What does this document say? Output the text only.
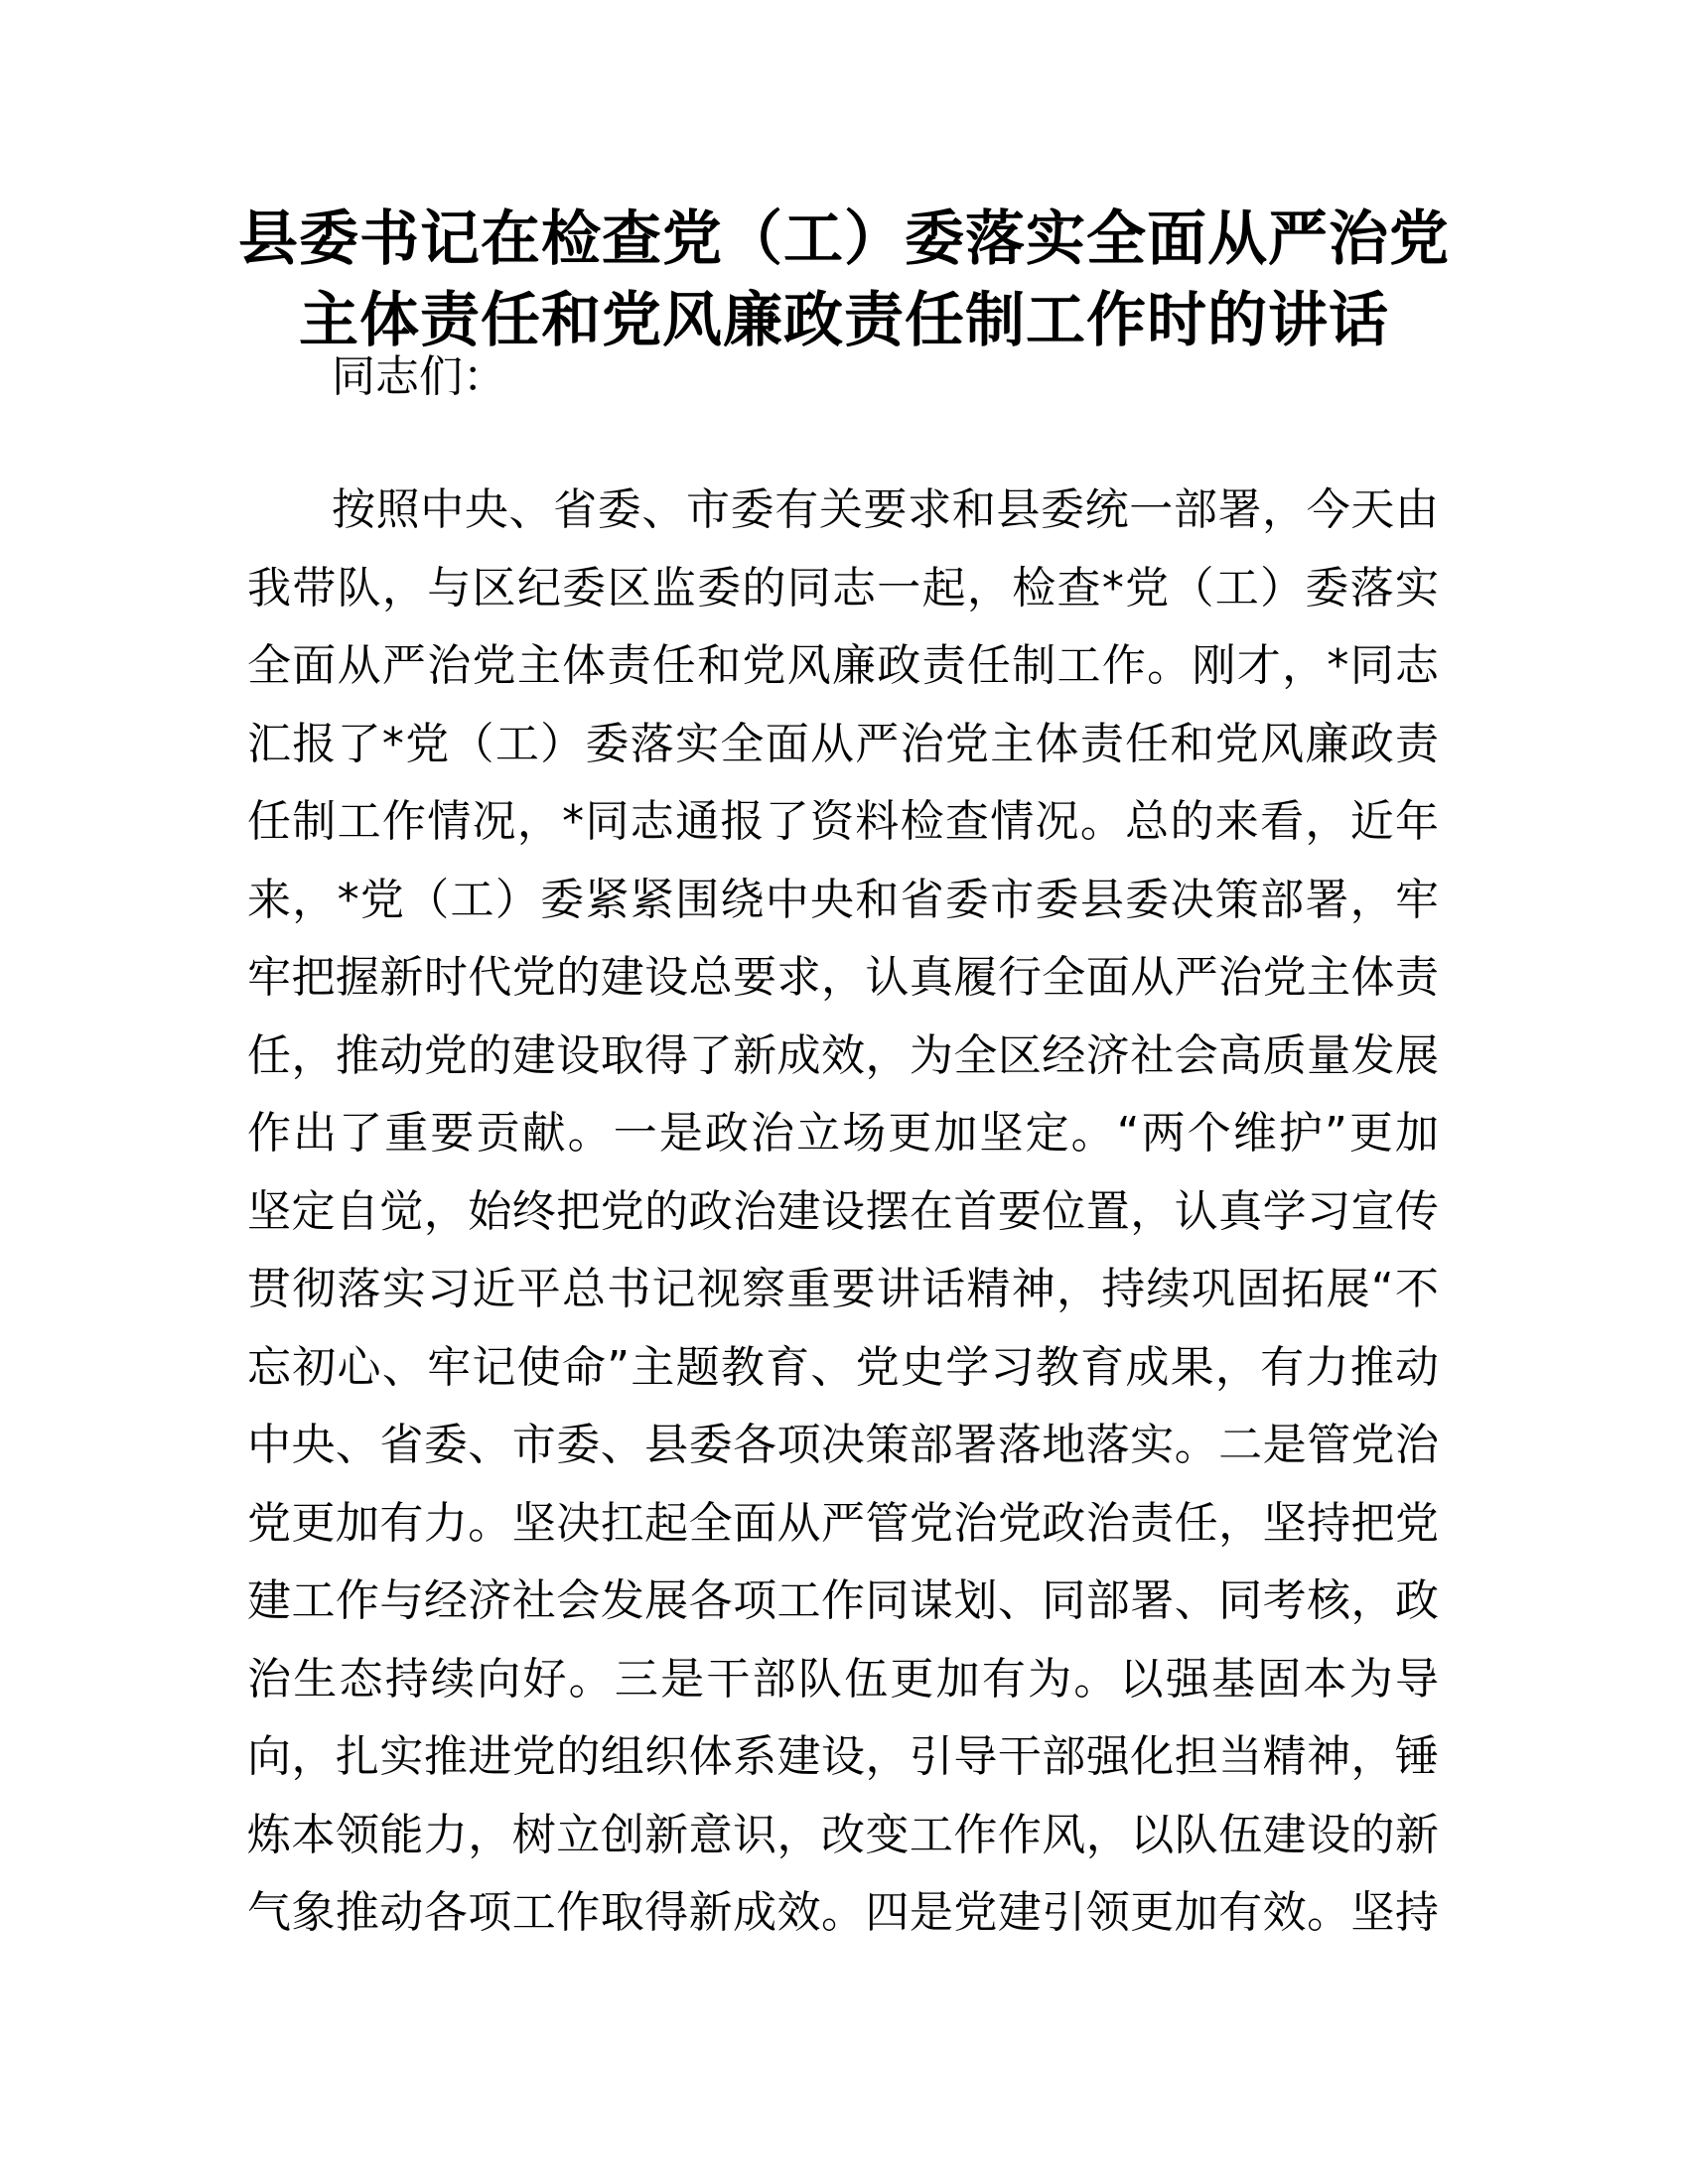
县委书记在检查党（工）委落实全面从严治党
主体责任和党风廉政责任制工作时的讲话

同志们：

按照中央、省委、市委有关要求和县委统一部署，今天由
我带队，与区纪委区监委的同志一起，检查*党（工）委落实
全面从严治党主体责任和党风廉政责任制工作。刚才，*同志
汇报了*党（工）委落实全面从严治党主体责任和党风廉政责
任制工作情况，*同志通报了资料检查情况。总的来看，近年
来，*党（工）委紧紧围绕中央和省委市委县委决策部署，牢
牢把握新时代党的建设总要求，认真履行全面从严治党主体责
任，推动党的建设取得了新成效，为全区经济社会高质量发展
作出了重要贡献。一是政治立场更加坚定。“两个维护”更加
坚定自觉，始终把党的政治建设摆在首要位置，认真学习宣传
贯彻落实习近平总书记视察重要讲话精神，持续巩固拓展“不
忘初心、牢记使命”主题教育、党史学习教育成果，有力推动
中央、省委、市委、县委各项决策部署落地落实。二是管党治
党更加有力。坚决扛起全面从严管党治党政治责任，坚持把党
建工作与经济社会发展各项工作同谋划、同部署、同考核，政
治生态持续向好。三是干部队伍更加有为。以强基固本为导
向，扎实推进党的组织体系建设，引导干部强化担当精神，锤
炼本领能力，树立创新意识，改变工作作风，以队伍建设的新
气象推动各项工作取得新成效。四是党建引领更加有效。坚持
